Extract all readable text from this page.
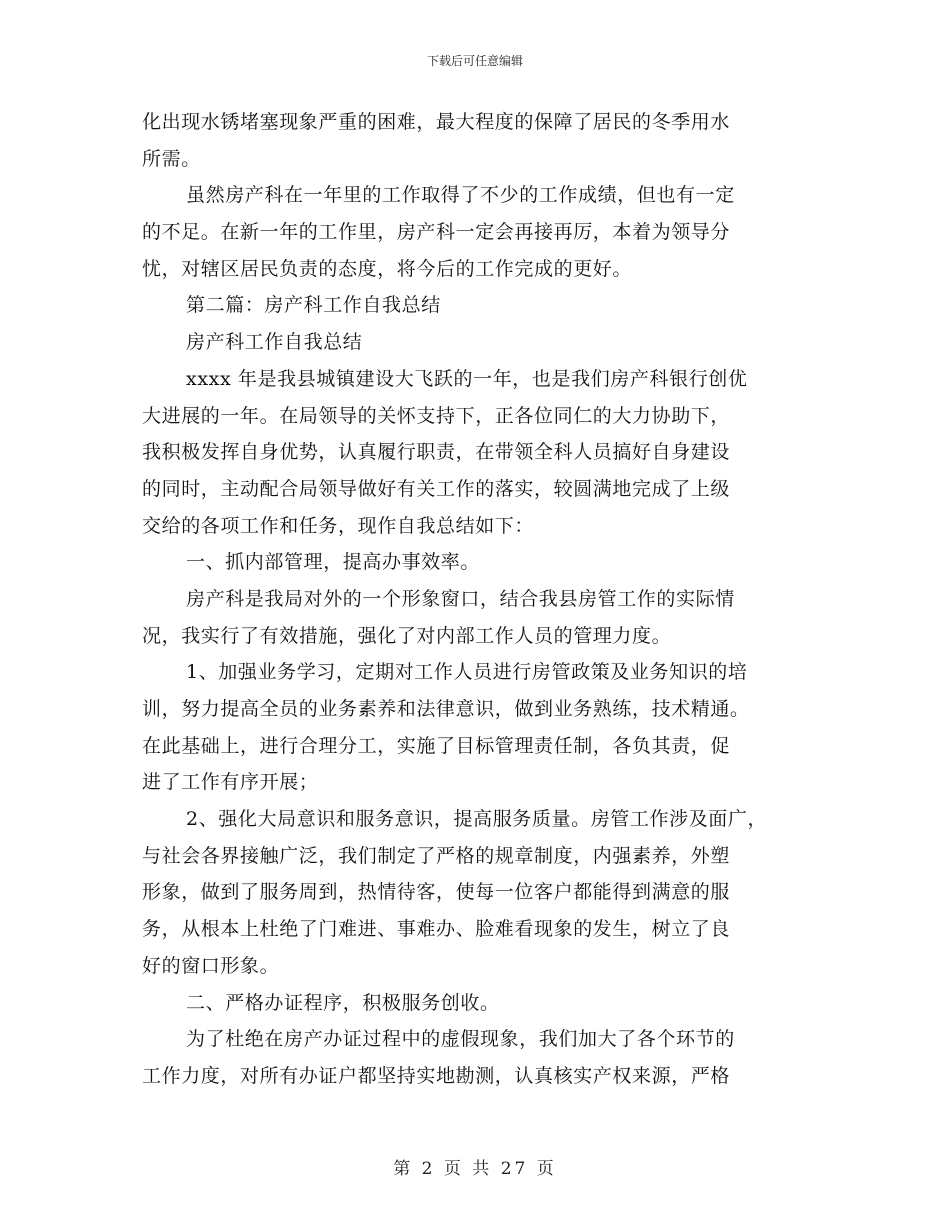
下载后可任意编辑
化出现水锈堵塞现象严重的困难，最大程度的保障了居民的冬季用水
所需。
虽然房产科在一年里的工作取得了不少的工作成绩，但也有一定
的不足。在新一年的工作里，房产科一定会再接再厉，本着为领导分
忧，对辖区居民负责的态度，将今后的工作完成的更好。
第二篇：房产科工作自我总结
房产科工作自我总结
xxxx 年是我县城镇建设大飞跃的一年，也是我们房产科银行创优
大进展的一年。在局领导的关怀支持下，正各位同仁的大力协助下，
我积极发挥自身优势，认真履行职责，在带领全科人员搞好自身建设
的同时，主动配合局领导做好有关工作的落实，较圆满地完成了上级
交给的各项工作和任务，现作自我总结如下：
一、抓内部管理，提高办事效率。
房产科是我局对外的一个形象窗口，结合我县房管工作的实际情
况，我实行了有效措施，强化了对内部工作人员的管理力度。
1、加强业务学习，定期对工作人员进行房管政策及业务知识的培
训，努力提高全员的业务素养和法律意识，做到业务熟练，技术精通。
在此基础上，进行合理分工，实施了目标管理责任制，各负其责，促
进了工作有序开展；
2、强化大局意识和服务意识，提高服务质量。房管工作涉及面广，
与社会各界接触广泛，我们制定了严格的规章制度，内强素养，外塑
形象，做到了服务周到，热情待客，使每一位客户都能得到满意的服
务，从根本上杜绝了门难进、事难办、脸难看现象的发生，树立了良
好的窗口形象。
二、严格办证程序，积极服务创收。
为了杜绝在房产办证过程中的虚假现象，我们加大了各个环节的
工作力度，对所有办证户都坚持实地勘测，认真核实产权来源，严格
第 2 页 共 27 页
